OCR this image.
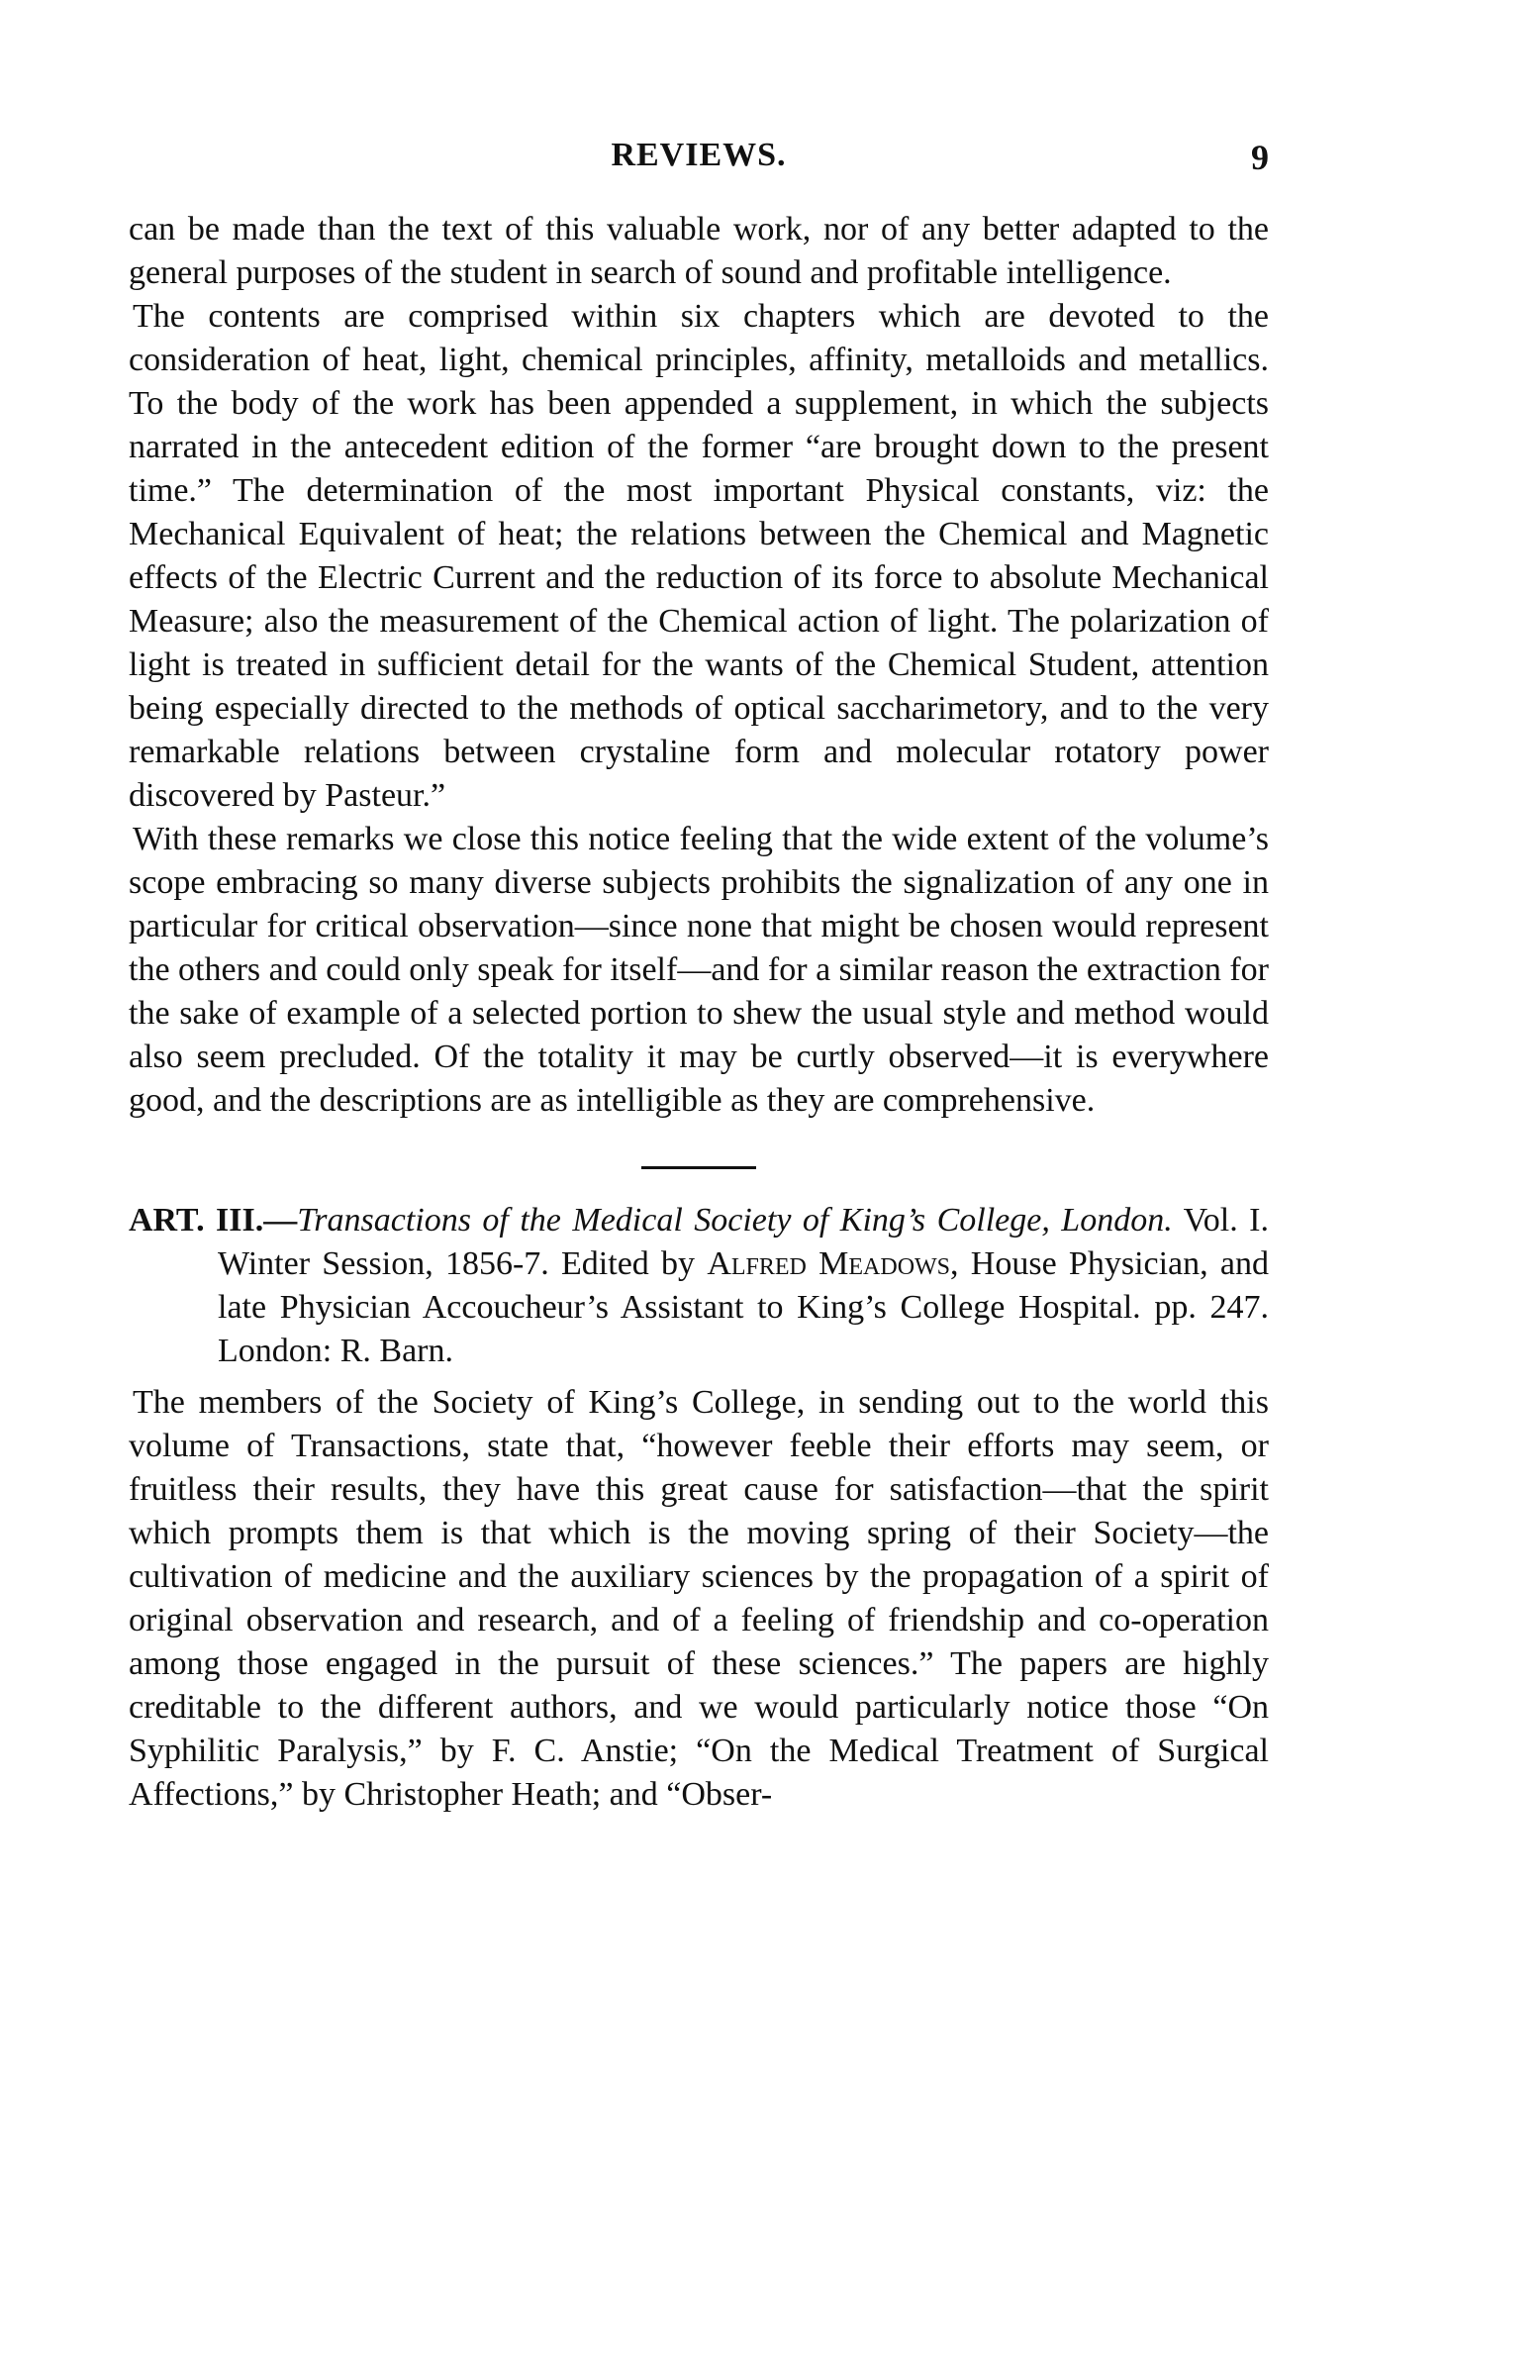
REVIEWS.	9

can be made than the text of this valuable work, nor of any better adapted to the general purposes of the student in search of sound and profitable intelligence.

The contents are comprised within six chapters which are devoted to the consideration of heat, light, chemical principles, affinity, metalloids and metallics. To the body of the work has been appended a supplement, in which the subjects narrated in the antecedent edition of the former “are brought down to the present time.” The determination of the most important Physical constants, viz: the Mechanical Equivalent of heat; the relations between the Chemical and Magnetic effects of the Electric Current and the reduction of its force to absolute Mechanical Measure; also the measurement of the Chemical action of light. The polarization of light is treated in sufficient detail for the wants of the Chemical Student, attention being especially directed to the methods of optical saccharimetory, and to the very remarkable relations between crystaline form and molecular rotatory power discovered by Pasteur.”

With these remarks we close this notice feeling that the wide extent of the volume’s scope embracing so many diverse subjects prohibits the signalization of any one in particular for critical observation—since none that might be chosen would represent the others and could only speak for itself—and for a similar reason the extraction for the sake of example of a selected portion to shew the usual style and method would also seem precluded. Of the totality it may be curtly observed—it is everywhere good, and the descriptions are as intelligible as they are comprehensive.

ART. III.—Transactions of the Medical Society of King’s College, London. Vol. I. Winter Session, 1856-7. Edited by Alfred Meadows, House Physician, and late Physician Accoucheur’s Assistant to King’s College Hospital. pp. 247. London: R. Barn.

The members of the Society of King’s College, in sending out to the world this volume of Transactions, state that, “however feeble their efforts may seem, or fruitless their results, they have this great cause for satisfaction—that the spirit which prompts them is that which is the moving spring of their Society—the cultivation of medicine and the auxiliary sciences by the propagation of a spirit of original observation and research, and of a feeling of friendship and co-operation among those engaged in the pursuit of these sciences.” The papers are highly creditable to the different authors, and we would particularly notice those “On Syphilitic Paralysis,” by F. C. Anstie; “On the Medical Treatment of Surgical Affections,” by Christopher Heath; and “Obser-
